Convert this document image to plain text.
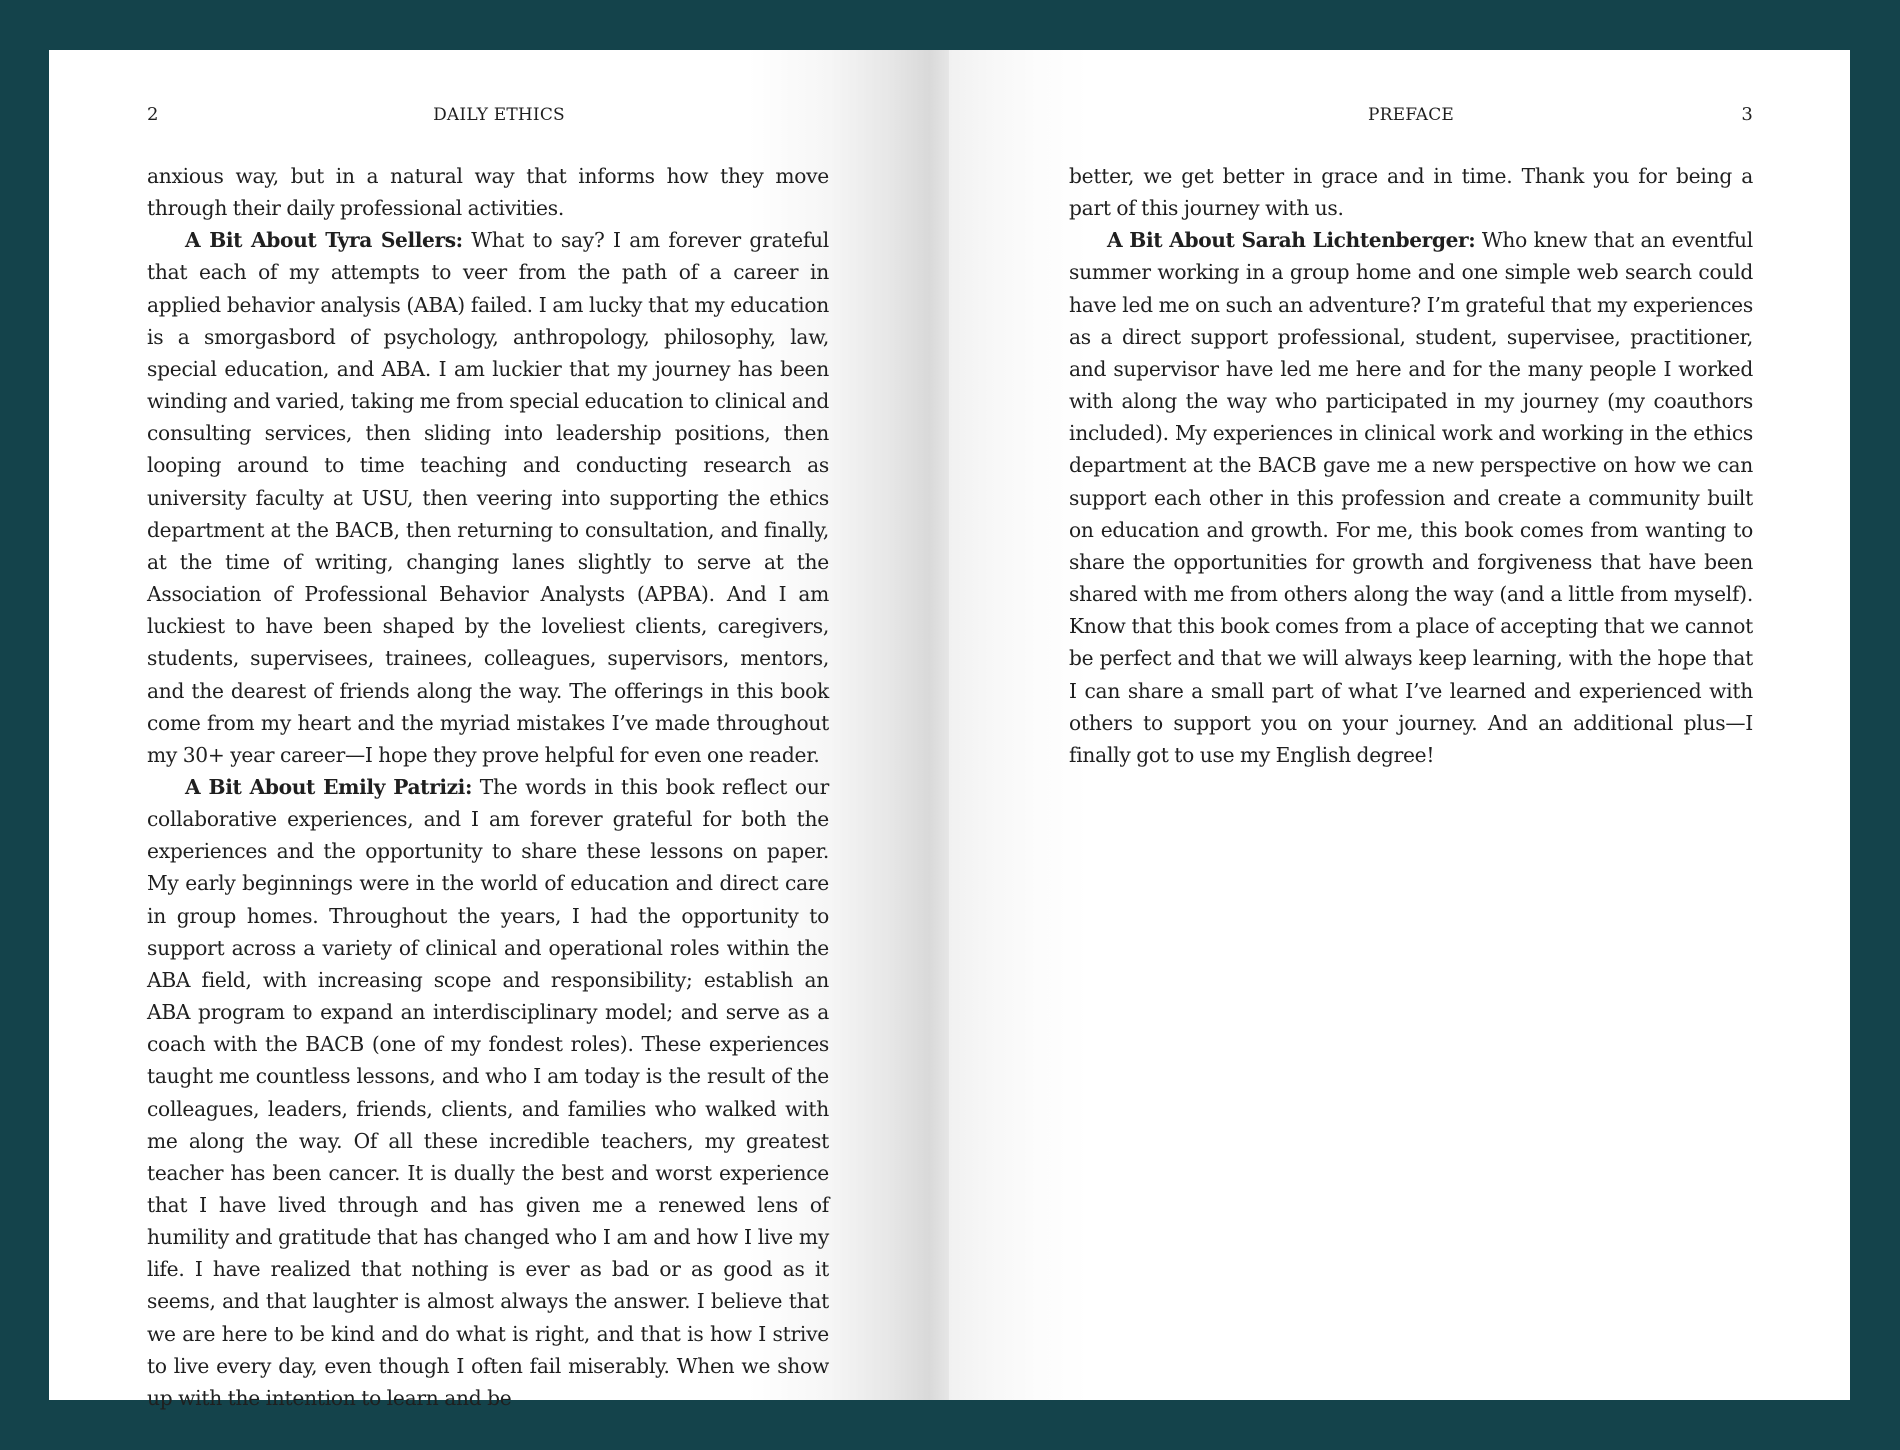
2	DAILY ETHICS

anxious way, but in a natural way that informs how they move through their daily professional activities.

A Bit About Tyra Sellers: What to say? I am forever grateful that each of my attempts to veer from the path of a career in applied behavior analysis (ABA) failed. I am lucky that my education is a smorgasbord of psychology, anthropology, philosophy, law, special education, and ABA. I am luckier that my journey has been winding and varied, taking me from special education to clinical and consulting services, then sliding into leadership positions, then looping around to time teaching and conducting research as university faculty at USU, then veering into supporting the ethics department at the BACB, then returning to consultation, and finally, at the time of writing, changing lanes slightly to serve at the Association of Professional Behavior Analysts (APBA). And I am luckiest to have been shaped by the loveliest clients, caregivers, students, supervisees, trainees, colleagues, supervisors, mentors, and the dearest of friends along the way. The offerings in this book come from my heart and the myriad mistakes I’ve made throughout my 30+ year career—I hope they prove helpful for even one reader.

A Bit About Emily Patrizi: The words in this book reflect our collaborative experiences, and I am forever grateful for both the experiences and the opportunity to share these lessons on paper. My early beginnings were in the world of education and direct care in group homes. Throughout the years, I had the opportunity to support across a variety of clinical and operational roles within the ABA field, with increasing scope and responsibility; establish an ABA program to expand an interdisciplinary model; and serve as a coach with the BACB (one of my fondest roles). These experiences taught me countless lessons, and who I am today is the result of the colleagues, leaders, friends, clients, and families who walked with me along the way. Of all these incredible teachers, my greatest teacher has been cancer. It is dually the best and worst experience that I have lived through and has given me a renewed lens of humility and gratitude that has changed who I am and how I live my life. I have realized that nothing is ever as bad or as good as it seems, and that laughter is almost always the answer. I believe that we are here to be kind and do what is right, and that is how I strive to live every day, even though I often fail miserably. When we show up with the intention to learn and be

PREFACE	3

better, we get better in grace and in time. Thank you for being a part of this journey with us.

A Bit About Sarah Lichtenberger: Who knew that an eventful summer working in a group home and one simple web search could have led me on such an adventure? I’m grateful that my experiences as a direct support professional, student, supervisee, practitioner, and supervisor have led me here and for the many people I worked with along the way who participated in my journey (my coauthors included). My experiences in clinical work and working in the ethics department at the BACB gave me a new perspective on how we can support each other in this profession and create a community built on education and growth. For me, this book comes from wanting to share the opportunities for growth and forgiveness that have been shared with me from others along the way (and a little from myself). Know that this book comes from a place of accepting that we cannot be perfect and that we will always keep learning, with the hope that I can share a small part of what I’ve learned and experienced with others to support you on your journey. And an additional plus—I finally got to use my English degree!
